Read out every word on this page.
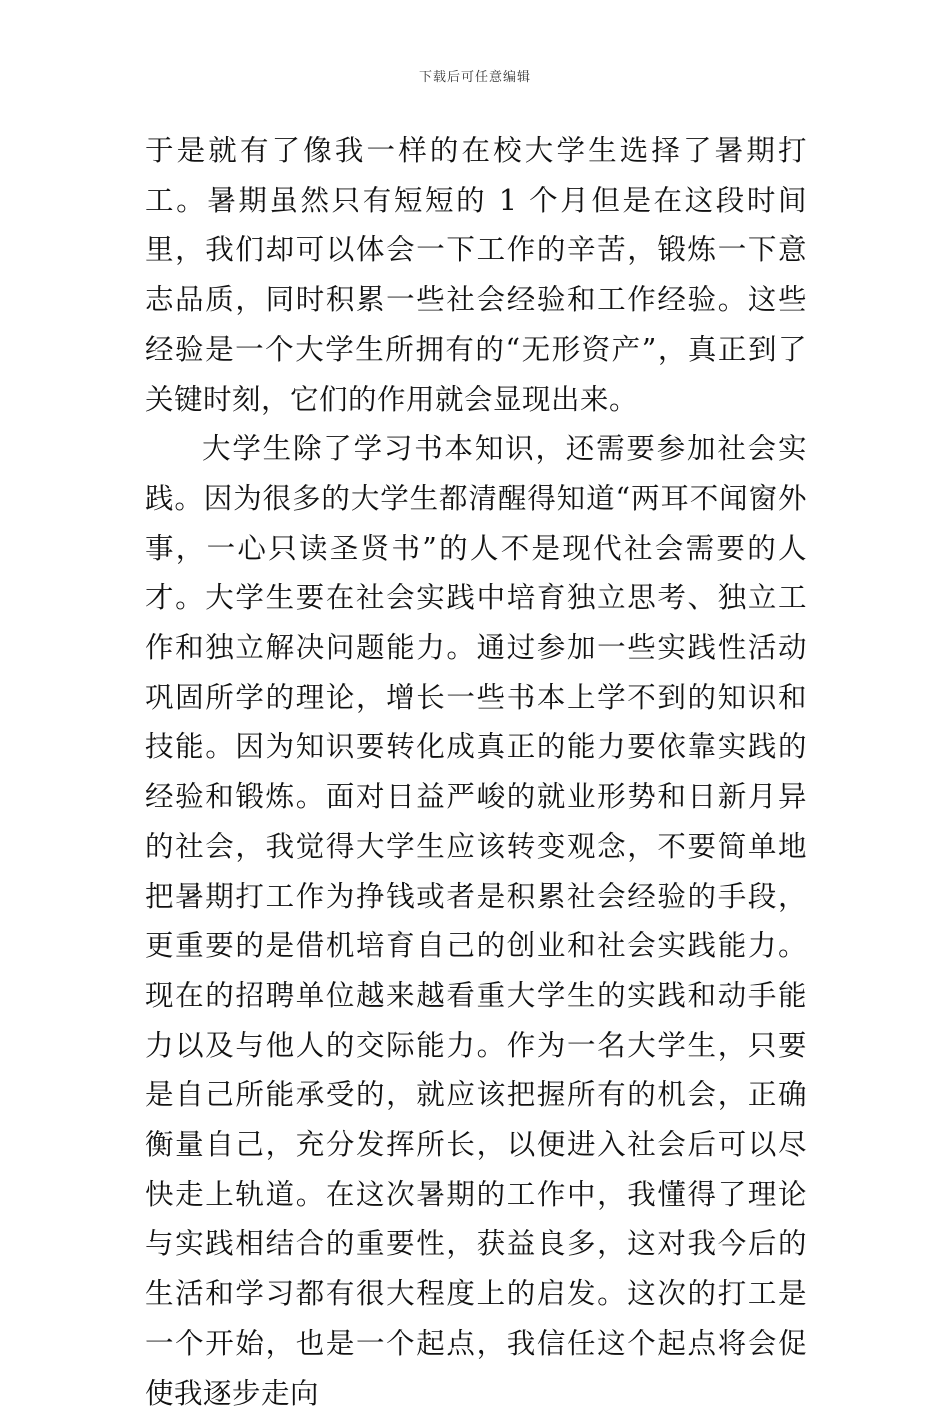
下载后可任意编辑

于是就有了像我一样的在校大学生选择了暑期打工。暑期虽然只有短短的 1 个月但是在这段时间里，我们却可以体会一下工作的辛苦，锻炼一下意志品质，同时积累一些社会经验和工作经验。这些经验是一个大学生所拥有的“无形资产”，真正到了关键时刻，它们的作用就会显现出来。

大学生除了学习书本知识，还需要参加社会实践。因为很多的大学生都清醒得知道“两耳不闻窗外事，一心只读圣贤书”的人不是现代社会需要的人才。大学生要在社会实践中培育独立思考、独立工作和独立解决问题能力。通过参加一些实践性活动巩固所学的理论，增长一些书本上学不到的知识和技能。因为知识要转化成真正的能力要依靠实践的经验和锻炼。面对日益严峻的就业形势和日新月异的社会，我觉得大学生应该转变观念，不要简单地把暑期打工作为挣钱或者是积累社会经验的手段，更重要的是借机培育自己的创业和社会实践能力。现在的招聘单位越来越看重大学生的实践和动手能力以及与他人的交际能力。作为一名大学生，只要是自己所能承受的，就应该把握所有的机会，正确衡量自己，充分发挥所长，以便进入社会后可以尽快走上轨道。在这次暑期的工作中，我懂得了理论与实践相结合的重要性，获益良多，这对我今后的生活和学习都有很大程度上的启发。这次的打工是一个开始，也是一个起点，我信任这个起点将会促使我逐步走向
